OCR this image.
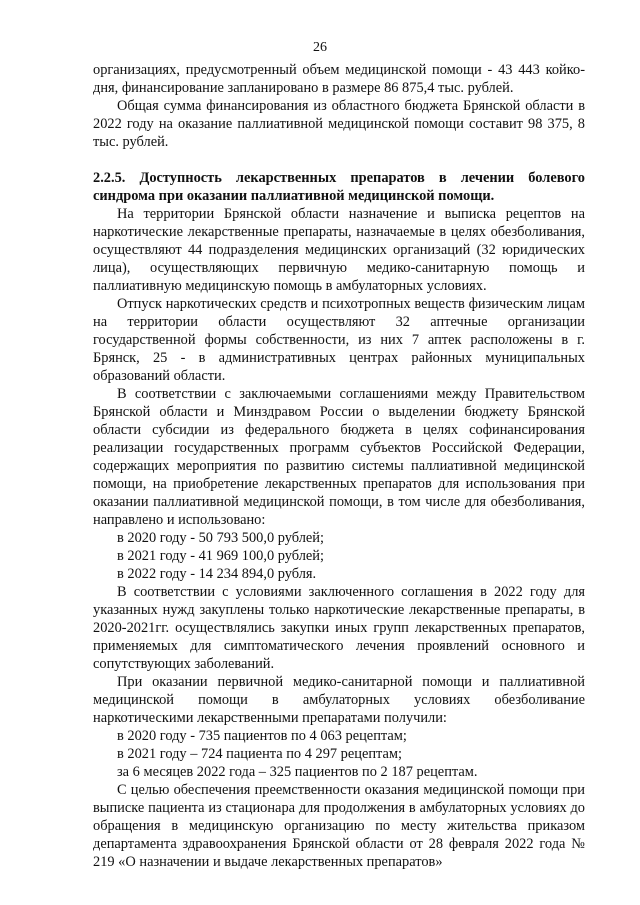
26

организациях, предусмотренный объем медицинской помощи - 43 443 койко-дня, финансирование запланировано в размере 86 875,4 тыс. рублей.

Общая сумма финансирования из областного бюджета Брянской области в 2022 году на оказание паллиативной медицинской помощи составит 98 375, 8 тыс. рублей.

2.2.5. Доступность лекарственных препаратов в лечении болевого синдрома при оказании паллиативной медицинской помощи.

На территории Брянской области назначение и выписка рецептов на наркотические лекарственные препараты, назначаемые в целях обезболивания, осуществляют 44 подразделения медицинских организаций (32 юридических лица), осуществляющих первичную медико-санитарную помощь и паллиативную медицинскую помощь в амбулаторных условиях.

Отпуск наркотических средств и психотропных веществ физическим лицам на территории области осуществляют 32 аптечные организации государственной формы собственности, из них 7 аптек расположены в г. Брянск, 25 - в административных центрах районных муниципальных образований области.

В соответствии с заключаемыми соглашениями между Правительством Брянской области и Минздравом России о выделении бюджету Брянской области субсидии из федерального бюджета в целях софинансирования реализации государственных программ субъектов Российской Федерации, содержащих мероприятия по развитию системы паллиативной медицинской помощи, на приобретение лекарственных препаратов для использования при оказании паллиативной медицинской помощи, в том числе для обезболивания, направлено и использовано:

в 2020 году - 50 793 500,0 рублей;

в 2021 году - 41 969 100,0 рублей;

в 2022 году - 14 234 894,0 рубля.

В соответствии с условиями заключенного соглашения в 2022 году для указанных нужд закуплены только наркотические лекарственные препараты, в 2020-2021гг. осуществлялись закупки иных групп лекарственных препаратов, применяемых для симптоматического лечения проявлений основного и сопутствующих заболеваний.

При оказании первичной медико-санитарной помощи и паллиативной медицинской помощи в амбулаторных условиях обезболивание наркотическими лекарственными препаратами получили:

в 2020 году - 735 пациентов по 4 063 рецептам;

в 2021 году – 724 пациента по 4 297 рецептам;

за 6 месяцев 2022 года – 325 пациентов по 2 187 рецептам.

С целью обеспечения преемственности оказания медицинской помощи при выписке пациента из стационара для продолжения в амбулаторных условиях до обращения в медицинскую организацию по месту жительства приказом департамента здравоохранения Брянской области от 28 февраля 2022 года № 219 «О назначении и выдаче лекарственных препаратов»
